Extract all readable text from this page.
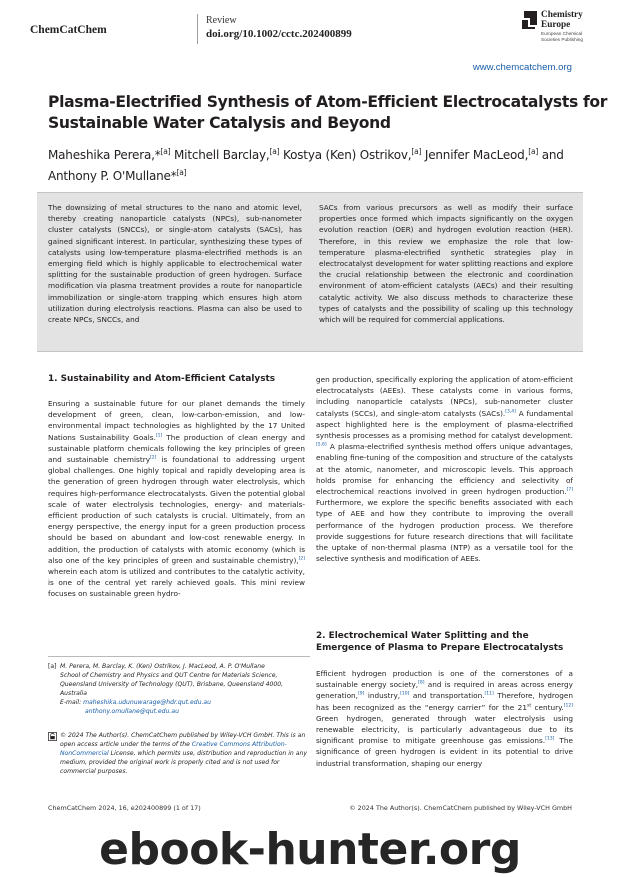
ChemCatChem
Review
doi.org/10.1002/cctc.202400899
Chemistry
Europe
European Chemical
Societies Publishing
www.chemcatchem.org
Plasma-Electrified Synthesis of Atom-Efficient Electrocatalysts for Sustainable Water Catalysis and Beyond

Maheshika Perera,*[a] Mitchell Barclay,[a] Kostya (Ken) Ostrikov,[a] Jennifer MacLeod,[a] and Anthony P. O'Mullane*[a]

The downsizing of metal structures to the nano and atomic level, thereby creating nanoparticle catalysts (NPCs), sub-nanometer cluster catalysts (SNCCs), or single-atom catalysts (SACs), has gained significant interest. In particular, synthesizing these types of catalysts using low-temperature plasma-electrified methods is an emerging field which is highly applicable to electrochemical water splitting for the sustainable production of green hydrogen. Surface modification via plasma treatment provides a route for nanoparticle immobilization or single-atom trapping which ensures high atom utilization during electrolysis reactions. Plasma can also be used to create NPCs, SNCCs, and
SACs from various precursors as well as modify their surface properties once formed which impacts significantly on the oxygen evolution reaction (OER) and hydrogen evolution reaction (HER). Therefore, in this review we emphasize the role that low-temperature plasma-electrified synthetic strategies play in electrocatalyst development for water splitting reactions and explore the crucial relationship between the electronic and coordination environment of atom-efficient catalysts (AECs) and their resulting catalytic activity. We also discuss methods to characterize these types of catalysts and the possibility of scaling up this technology which will be required for commercial applications.
1. Sustainability and Atom-Efficient Catalysts
Ensuring a sustainable future for our planet demands the timely development of green, clean, low-carbon-emission, and low-environmental impact technologies as highlighted by the 17 United Nations Sustainability Goals.[1] The production of clean energy and sustainable platform chemicals following the key principles of green and sustainable chemistry[2] is foundational to addressing urgent global challenges. One highly topical and rapidly developing area is the generation of green hydrogen through water electrolysis, which requires high-performance electrocatalysts. Given the potential global scale of water electrolysis technologies, energy- and materials-efficient production of such catalysts is crucial. Ultimately, from an energy perspective, the energy input for a green production process should be based on abundant and low-cost renewable energy. In addition, the production of catalysts with atomic economy (which is also one of the key principles of green and sustainable chemistry),[2] wherein each atom is utilized and contributes to the catalytic activity, is one of the central yet rarely achieved goals. This mini review focuses on sustainable green hydro-
gen production, specifically exploring the application of atom-efficient electrocatalysts (AEEs). These catalysts come in various forms, including nanoparticle catalysts (NPCs), sub-nanometer cluster catalysts (SCCs), and single-atom catalysts (SACs).[3,4] A fundamental aspect highlighted here is the employment of plasma-electrified synthesis processes as a promising method for catalyst development.[5,6] A plasma-electrified synthesis method offers unique advantages, enabling fine-tuning of the composition and structure of the catalysts at the atomic, nanometer, and microscopic levels. This approach holds promise for enhancing the efficiency and selectivity of electrochemical reactions involved in green hydrogen production.[7] Furthermore, we explore the specific benefits associated with each type of AEE and how they contribute to improving the overall performance of the hydrogen production process. We therefore provide suggestions for future research directions that will facilitate the uptake of non-thermal plasma (NTP) as a versatile tool for the selective synthesis and modification of AEEs.
2. Electrochemical Water Splitting and the Emergence of Plasma to Prepare Electrocatalysts
Efficient hydrogen production is one of the cornerstones of a sustainable energy society,[8] and is required in areas across energy generation,[9] industry,[10] and transportation.[11] Therefore, hydrogen has been recognized as the “energy carrier” for the 21st century.[12] Green hydrogen, generated through water electrolysis using renewable electricity, is particularly advantageous due to its significant promise to mitigate greenhouse gas emissions.[13] The significance of green hydrogen is evident in its potential to drive industrial transformation, shaping our energy
[a] M. Perera, M. Barclay, K. (Ken) Ostrikov, J. MacLeod, A. P. O'Mullane
School of Chemistry and Physics and QUT Centre for Materials Science,
Queensland University of Technology (QUT), Brisbane, Queensland 4000,
Australia
E-mail: maheshika.udunuwarage@hdr.qut.edu.au
anthony.omullane@qut.edu.au
© 2024 The Author(s). ChemCatChem published by Wiley-VCH GmbH. This is an open access article under the terms of the Creative Commons Attribution-NonCommercial License, which permits use, distribution and reproduction in any medium, provided the original work is properly cited and is not used for commercial purposes.
ChemCatChem 2024, 16, e202400899 (1 of 17)	© 2024 The Author(s). ChemCatChem published by Wiley-VCH GmbH
ebook-hunter.org
